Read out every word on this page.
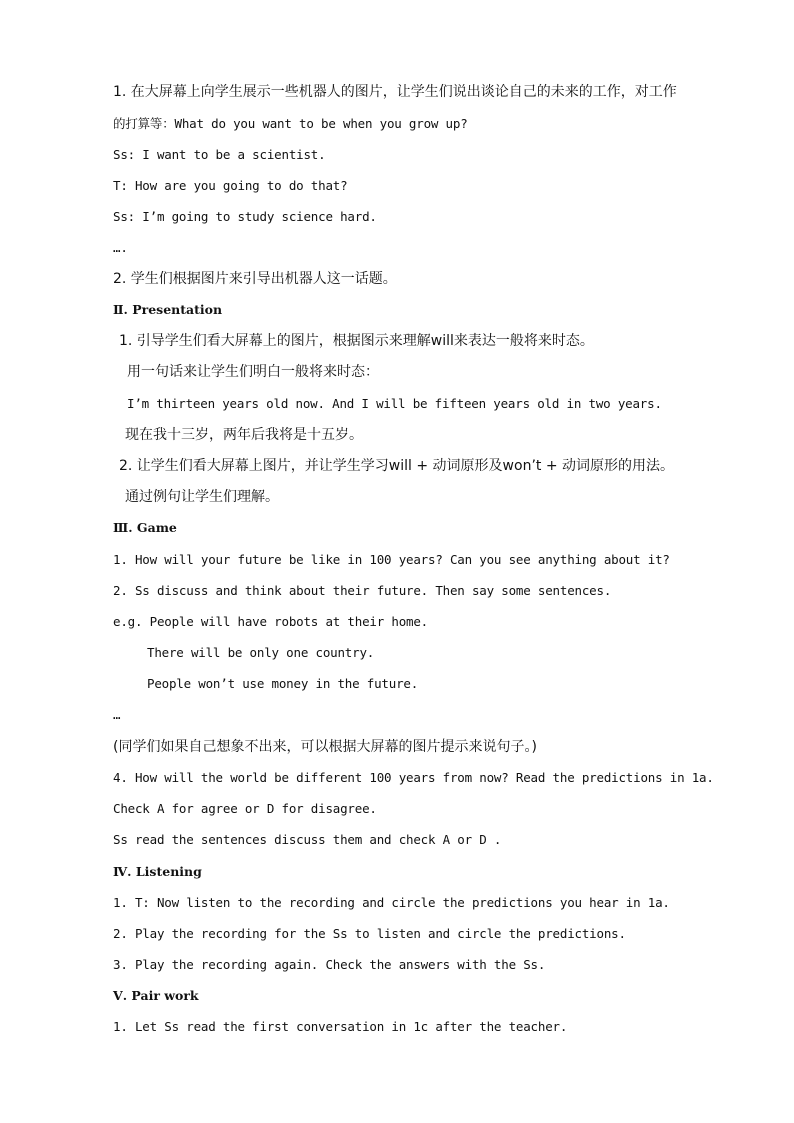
1. 在大屏幕上向学生展示一些机器人的图片，让学生们说出谈论自己的未来的工作，对工作
的打算等：What do you want to be when you grow up?
Ss: I want to be a scientist.
T: How are you going to do that?
Ss: I’m going to study science hard.
….
2. 学生们根据图片来引导出机器人这一话题。
Ⅱ. Presentation
1. 引导学生们看大屏幕上的图片，根据图示来理解will来表达一般将来时态。
用一句话来让学生们明白一般将来时态：
I’m thirteen years old now. And I will be fifteen years old in two years.
现在我十三岁，两年后我将是十五岁。
2. 让学生们看大屏幕上图片，并让学生学习will + 动词原形及won’t + 动词原形的用法。
通过例句让学生们理解。
Ⅲ. Game
1. How will your future be like in 100 years? Can you see anything about it?
2. Ss discuss and think about their future. Then say some sentences.
e.g. People will have robots at their home.
There will be only one country.
People won’t use money in the future.
…
(同学们如果自己想象不出来，可以根据大屏幕的图片提示来说句子。)
4. How will the world be different 100 years from now? Read the predictions in 1a.
Check A for agree or D for disagree.
Ss read the sentences discuss them and check A or D .
Ⅳ. Listening
1. T: Now listen to the recording and circle the predictions you hear in 1a.
2. Play the recording for the Ss to listen and circle the predictions.
3. Play the recording again. Check the answers with the Ss.
Ⅴ. Pair work
1. Let Ss read the first conversation in 1c after the teacher.
